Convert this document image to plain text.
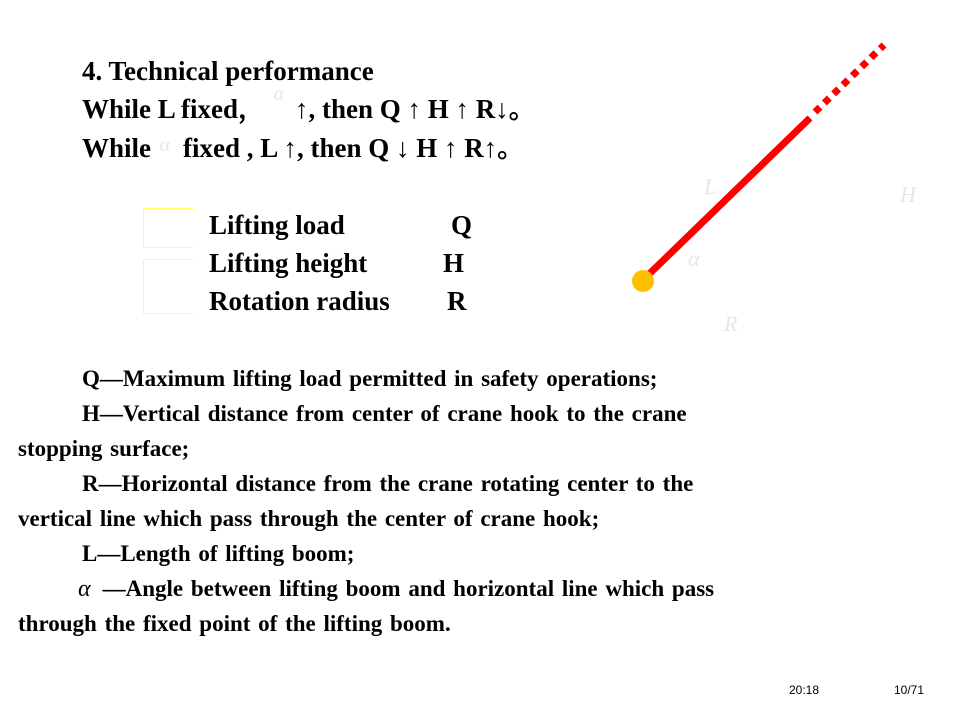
4. Technical performance
While L fixed， $^\alpha$ ↑, then Q ↑ H ↑ R↓。
While $^\alpha$ fixed , L ↑, then Q ↓ H ↑ R↑。
Lifting load	Q
Lifting height	H
Rotation radius R
L	H
α
R
Q—Maximum lifting load permitted in safety operations;
H—Vertical distance from center of crane hook to the crane
stopping surface;
R—Horizontal distance from the crane rotating center to the
vertical line which pass through the center of crane hook;
L—Length of lifting boom;
α —Angle between lifting boom and horizontal line which pass
through the fixed point of the lifting boom.
20:18	10/71
